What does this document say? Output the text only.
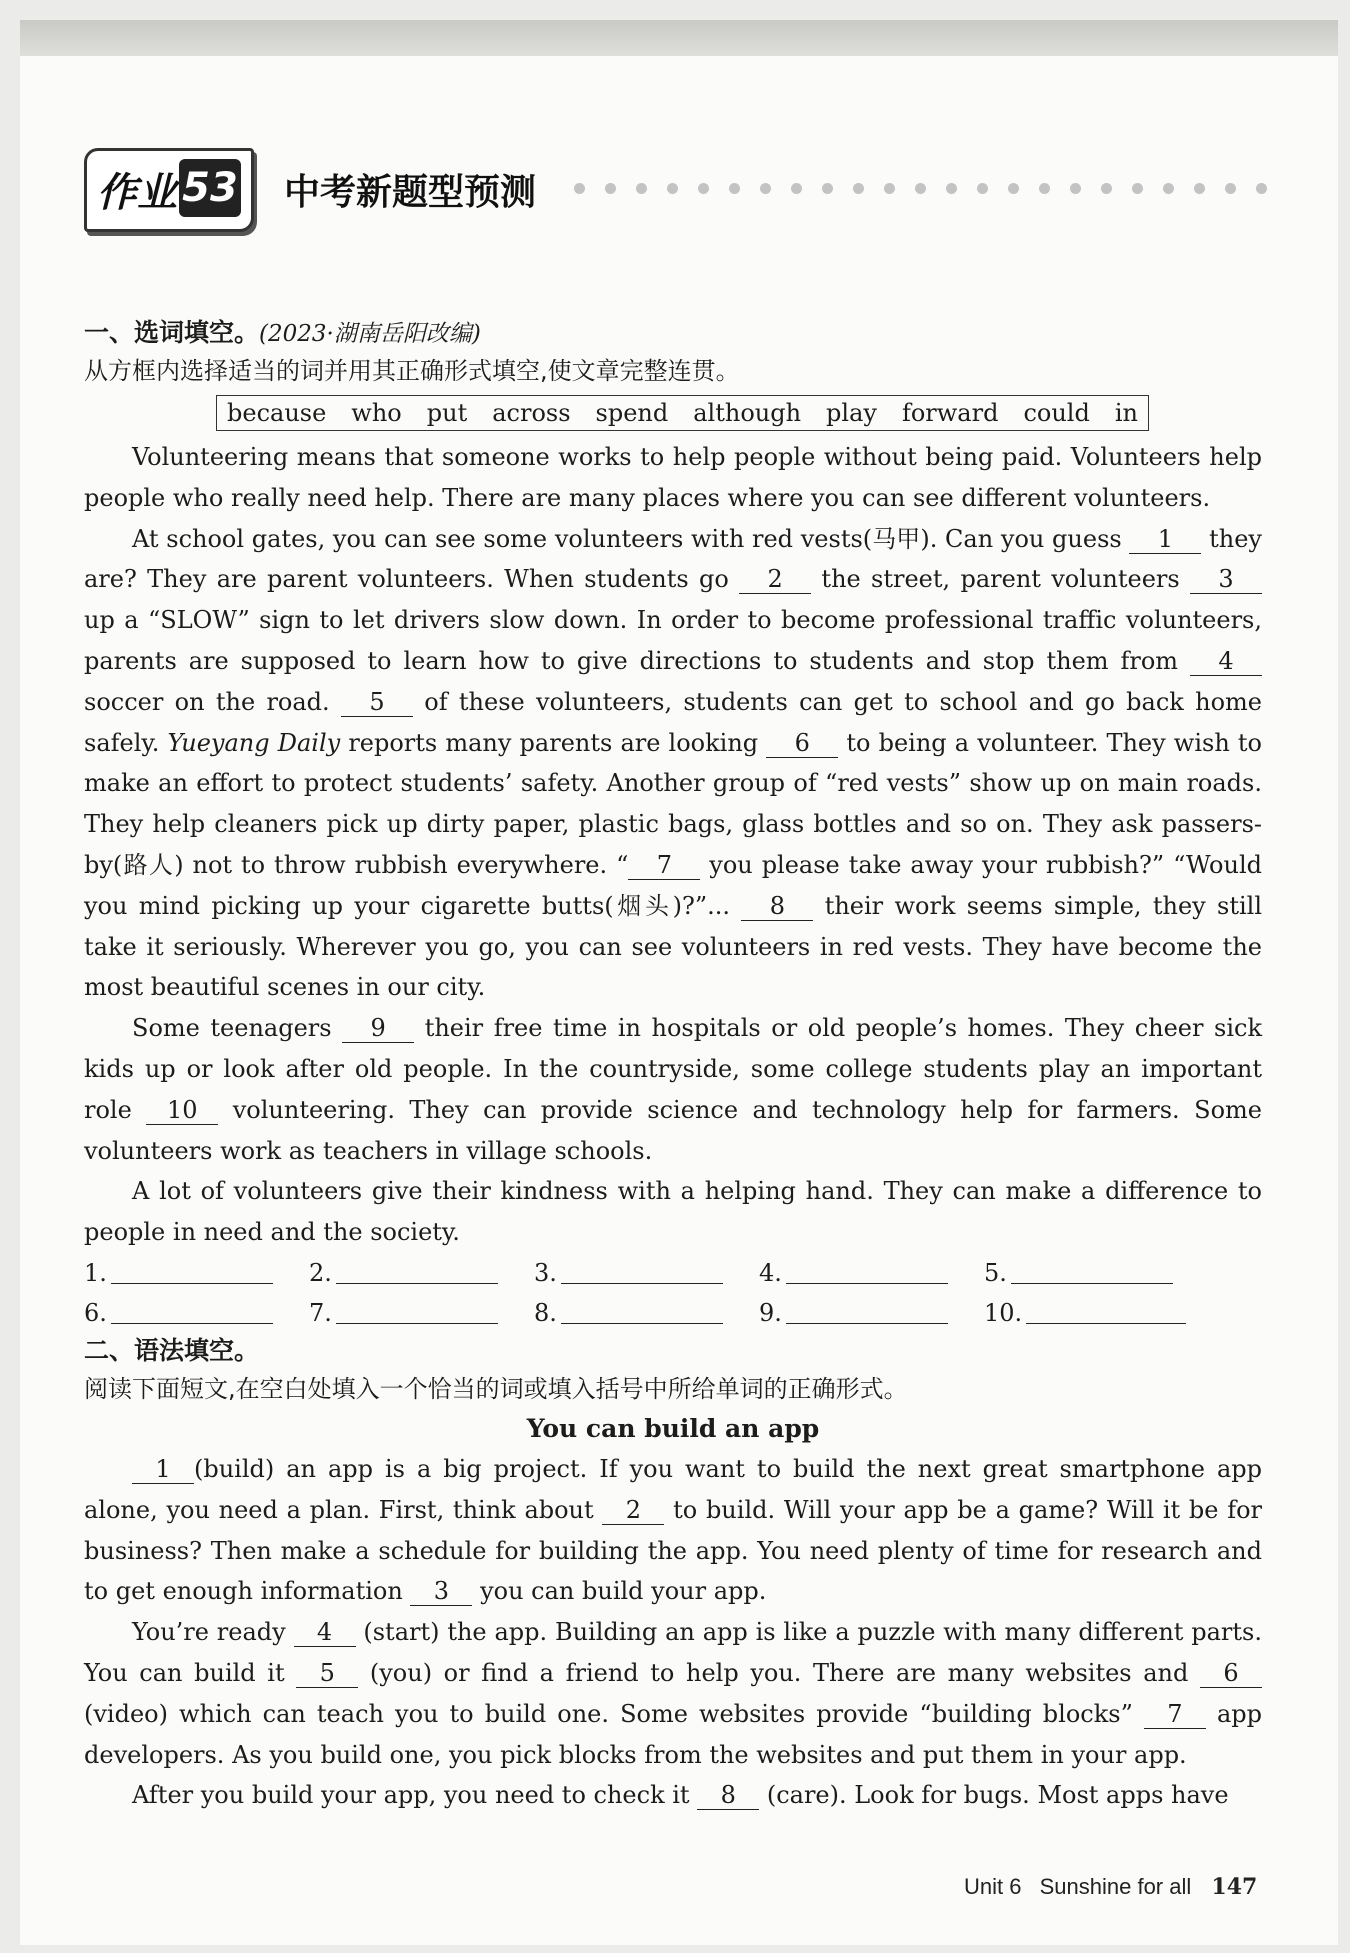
作业 53 中考新题型预测
一、选词填空。(2023·湖南岳阳改编)
从方框内选择适当的词并用其正确形式填空,使文章完整连贯。
because who put across spend although play forward could in

Volunteering means that someone works to help people without being paid. Volunteers help people who really need help. There are many places where you can see different volunteers.

At school gates, you can see some volunteers with red vests(马甲). Can you guess 1 they are? They are parent volunteers. When students go 2 the street, parent volunteers 3 up a “SLOW” sign to let drivers slow down. In order to become professional traffic volunteers, parents are supposed to learn how to give directions to students and stop them from 4 soccer on the road. 5 of these volunteers, students can get to school and go back home safely. Yueyang Daily reports many parents are looking 6 to being a volunteer. They wish to make an effort to protect students’ safety. Another group of “red vests” show up on main roads. They help cleaners pick up dirty paper, plastic bags, glass bottles and so on. They ask passers-by(路人) not to throw rubbish everywhere. “ 7 you please take away your rubbish?” “Would you mind picking up your cigarette butts(烟头)?”... 8 their work seems simple, they still take it seriously. Wherever you go, you can see volunteers in red vests. They have become the most beautiful scenes in our city.

Some teenagers 9 their free time in hospitals or old people’s homes. They cheer sick kids up or look after old people. In the countryside, some college students play an important role 10 volunteering. They can provide science and technology help for farmers. Some volunteers work as teachers in village schools.

A lot of volunteers give their kindness with a helping hand. They can make a difference to people in need and the society.

1.	2.	3.	4.	5.
6.	7.	8.	9.	10.
二、语法填空。
阅读下面短文,在空白处填入一个恰当的词或填入括号中所给单词的正确形式。
You can build an app

1 (build) an app is a big project. If you want to build the next great smartphone app alone, you need a plan. First, think about 2 to build. Will your app be a game? Will it be for business? Then make a schedule for building the app. You need plenty of time for research and to get enough information 3 you can build your app.

You’re ready 4 (start) the app. Building an app is like a puzzle with many different parts. You can build it 5 (you) or find a friend to help you. There are many websites and 6 (video) which can teach you to build one. Some websites provide “building blocks” 7 app developers. As you build one, you pick blocks from the websites and put them in your app.

After you build your app, you need to check it 8 (care). Look for bugs. Most apps have

Unit 6 Sunshine for all 147
